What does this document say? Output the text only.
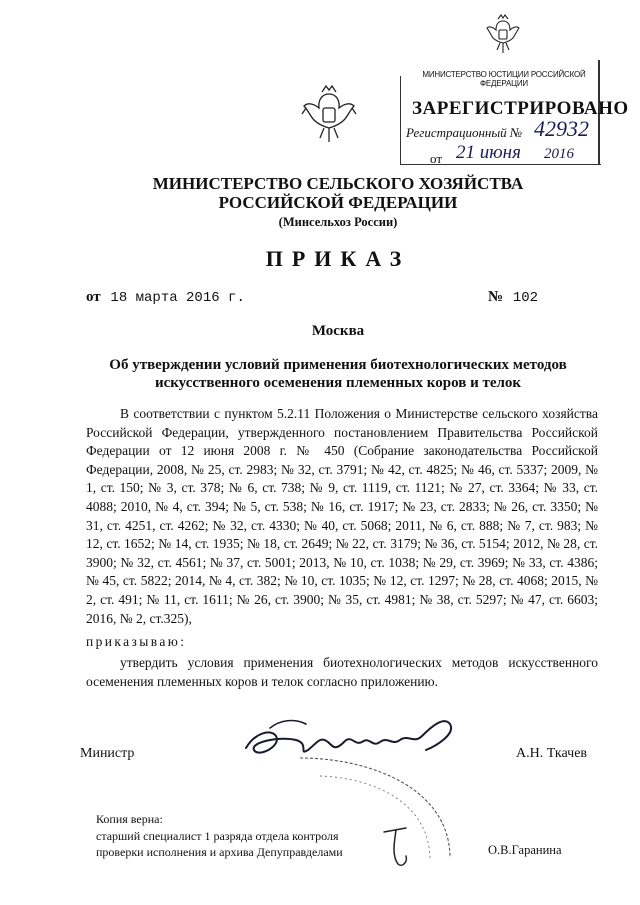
МИНИСТЕРСТВО ЮСТИЦИИ РОССИЙСКОЙ ФЕДЕРАЦИИ
ЗАРЕГИСТРИРОВАНО
Регистрационный № 42932
от 21 июня 2016
МИНИСТЕРСТВО СЕЛЬСКОГО ХОЗЯЙСТВА
РОССИЙСКОЙ ФЕДЕРАЦИИ
(Минсельхоз России)
ПРИКАЗ
от 18 марта 2016 г.	№ 102
Москва
Об утверждении условий применения биотехнологических методов
искусственного осеменения племенных коров и телок
В соответствии с пунктом 5.2.11 Положения о Министерстве сельского хозяйства Российской Федерации, утвержденного постановлением Правительства Российской Федерации от 12 июня 2008 г. № 450 (Собрание законодательства Российской Федерации, 2008, № 25, ст. 2983; № 32, ст. 3791; № 42, ст. 4825; № 46, ст. 5337; 2009, № 1, ст. 150; № 3, ст. 378; № 6, ст. 738; № 9, ст. 1119, ст. 1121; № 27, ст. 3364; № 33, ст. 4088; 2010, № 4, ст. 394; № 5, ст. 538; № 16, ст. 1917; № 23, ст. 2833; № 26, ст. 3350; № 31, ст. 4251, ст. 4262; № 32, ст. 4330; № 40, ст. 5068; 2011, № 6, ст. 888; № 7, ст. 983; № 12, ст. 1652; № 14, ст. 1935; № 18, ст. 2649; № 22, ст. 3179; № 36, ст. 5154; 2012, № 28, ст. 3900; № 32, ст. 4561; № 37, ст. 5001; 2013, № 10, ст. 1038; № 29, ст. 3969; № 33, ст. 4386; № 45, ст. 5822; 2014, № 4, ст. 382; № 10, ст. 1035; № 12, ст. 1297; № 28, ст. 4068; 2015, № 2, ст. 491; № 11, ст. 1611; № 26, ст. 3900; № 35, ст. 4981; № 38, ст. 5297; № 47, ст. 6603; 2016, № 2, ст.325),
приказываю:
утвердить условия применения биотехнологических методов искусственного осеменения племенных коров и телок согласно приложению.
Министр	А.Н. Ткачев
Копия верна:
старший специалист 1 разряда отдела контроля
проверки исполнения и архива Депуправделами	О.В.Гаранина
